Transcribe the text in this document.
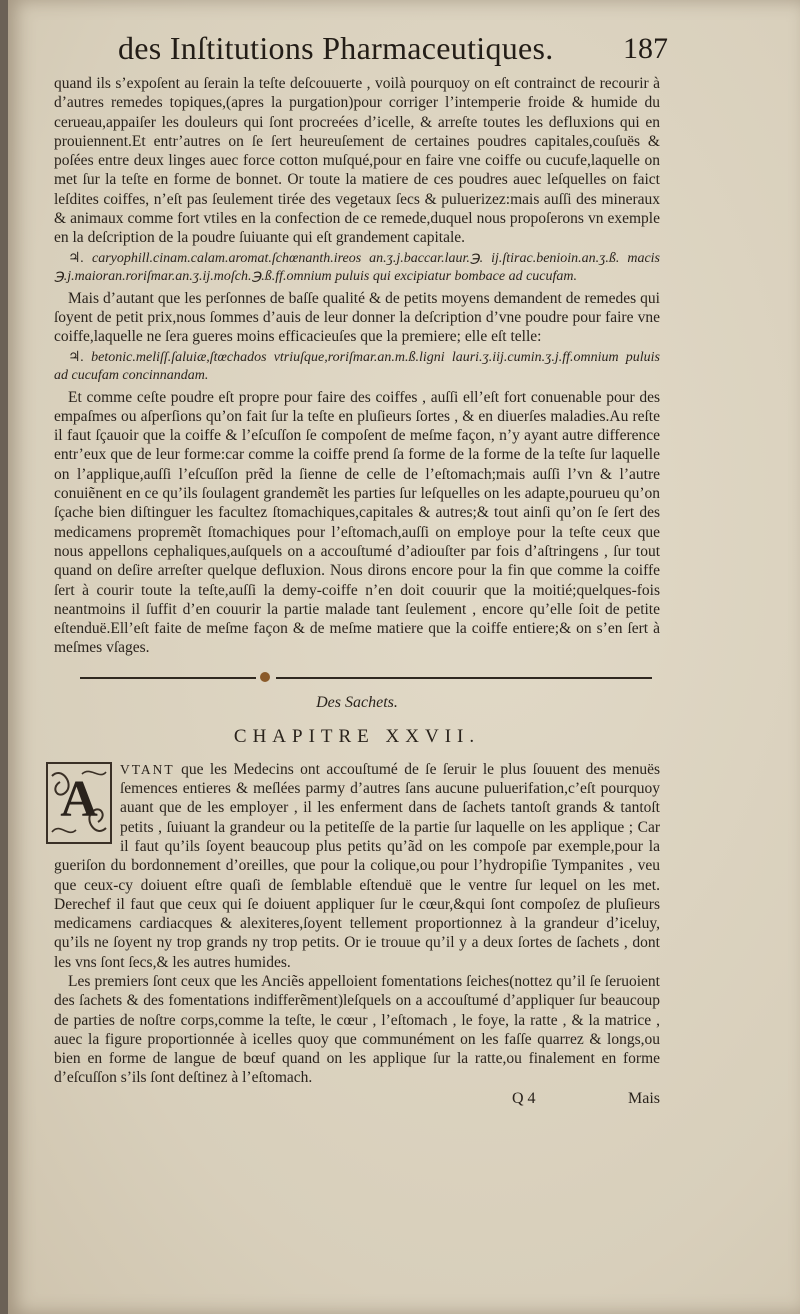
des Inſtitutions Pharmaceutiques. 187

quand ils s’expoſent au ſerain la teſte deſcouuerte , voilà pourquoy on eſt contrainct de recourir à d’autres remedes topiques,(apres la purgation)pour corriger l’intemperie froide & humide du cerueau,appaiſer les douleurs qui ſont procreées d’icelle, & arreſte toutes les defluxions qui en prouiennent.Et entr’autres on ſe ſert heureuſement de certaines poudres capitales,couſuës & poſées entre deux linges auec force cotton muſqué,pour en faire vne coiffe ou cucufe,laquelle on met ſur la teſte en forme de bonnet. Or toute la matiere de ces poudres auec leſquelles on faict leſdites coiffes, n’eſt pas ſeulement tirée des vegetaux ſecs & puluerizez:mais auſſi des mineraux & animaux comme fort vtiles en la confection de ce remede,duquel nous propoſerons vn exemple en la deſcription de la poudre ſuiuante qui eſt grandement capitale.

♃. caryophill.cinam.calam.aromat.ſchœnanth.ireos an.ʒ.j.baccar.laur.℈. ij.ſtirac.benioin.an.ʒ.ß. macis ℈.j.maioran.roriſmar.an.ʒ.ij.moſch.℈.ß.ff.omnium puluis qui excipiatur bombace ad cucufam.

Mais d’autant que les perſonnes de baſſe qualité & de petits moyens demandent de remedes qui ſoyent de petit prix,nous ſommes d’auis de leur donner la deſcription d’vne poudre pour faire vne coiffe,laquelle ne ſera gueres moins efficacieuſes que la premiere; elle eſt telle:

♃. betonic.meliſſ.ſaluiæ,ſtœchados vtriuſque,roriſmar.an.m.ß.ligni lauri.ʒ.iij.cumin.ʒ.j.ff.omnium puluis ad cucufam concinnandam.

Et comme ceſte poudre eſt propre pour faire des coiffes , auſſi ell’eſt fort conuenable pour des empaſmes ou aſperſions qu’on fait ſur la teſte en pluſieurs ſortes , & en diuerſes maladies.Au reſte il faut ſçauoir que la coiffe & l’eſcuſſon ſe compoſent de meſme façon, n’y ayant autre difference entr’eux que de leur forme:car comme la coiffe prend ſa forme de la forme de la teſte ſur laquelle on l’applique,auſſi l’eſcuſſon prẽd la ſienne de celle de l’eſtomach;mais auſſi l’vn & l’autre conuiẽnent en ce qu’ils ſoulagent grandemẽt les parties ſur leſquelles on les adapte,pourueu qu’on ſçache bien diſtinguer les facultez ſtomachiques,capitales & autres;& tout ainſi qu’on ſe ſert des medicamens propremẽt ſtomachiques pour l’eſtomach,auſſi on employe pour la teſte ceux que nous appellons cephaliques,auſquels on a accouſtumé d’adiouſter par fois d’aſtringens , ſur tout quand on deſire arreſter quelque defluxion. Nous dirons encore pour la fin que comme la coiffe ſert à courir toute la teſte,auſſi la demy-coiffe n’en doit couurir que la moitié;quelques-fois neantmoins il ſuffit d’en couurir la partie malade tant ſeulement , encore qu’elle ſoit de petite eſtenduë.Ell’eſt faite de meſme façon & de meſme matiere que la coiffe entiere;& on s’en ſert à meſmes vſages.

Des Sachets.
CHAPITRE XXVII.
A

VTANT que les Medecins ont accouſtumé de ſe ſeruir le plus ſouuent des menuës ſemences entieres & meſlées parmy d’autres ſans aucune puluerifation,c’eſt pourquoy auant que de les employer , il les enferment dans de ſachets tantoſt grands & tantoſt petits , ſuiuant la grandeur ou la petiteſſe de la partie ſur laquelle on les applique ; Car il faut qu’ils ſoyent beaucoup plus petits qu’ãd on les compoſe par exemple,pour la gueriſon du bordonnement d’oreilles, que pour la colique,ou pour l’hydropiſie Tympanites , veu que ceux-cy doiuent eſtre quaſi de ſemblable eſtenduë que le ventre ſur lequel on les met. Derechef il faut que ceux qui ſe doiuent appliquer ſur le cœur,&qui ſont compoſez de pluſieurs medicamens cardiacques & alexiteres,ſoyent tellement proportionnez à la grandeur d’iceluy, qu’ils ne ſoyent ny trop grands ny trop petits. Or ie trouue qu’il y a deux ſortes de ſachets , dont les vns ſont ſecs,& les autres humides.

Les premiers ſont ceux que les Anciẽs appelloient fomentations ſeiches(nottez qu’il ſe ſeruoient des ſachets & des fomentations indifferẽment)leſquels on a accouſtumé d’appliquer ſur beaucoup de parties de noſtre corps,comme la teſte, le cœur , l’eſtomach , le foye, la ratte , & la matrice , auec la figure proportionnée à icelles quoy que communément on les faſſe quarrez & longs,ou bien en forme de langue de bœuf quand on les applique ſur la ratte,ou finalement en forme d’eſcuſſon s’ils ſont deſtinez à l’eſtomach.

Q 4	Mais
